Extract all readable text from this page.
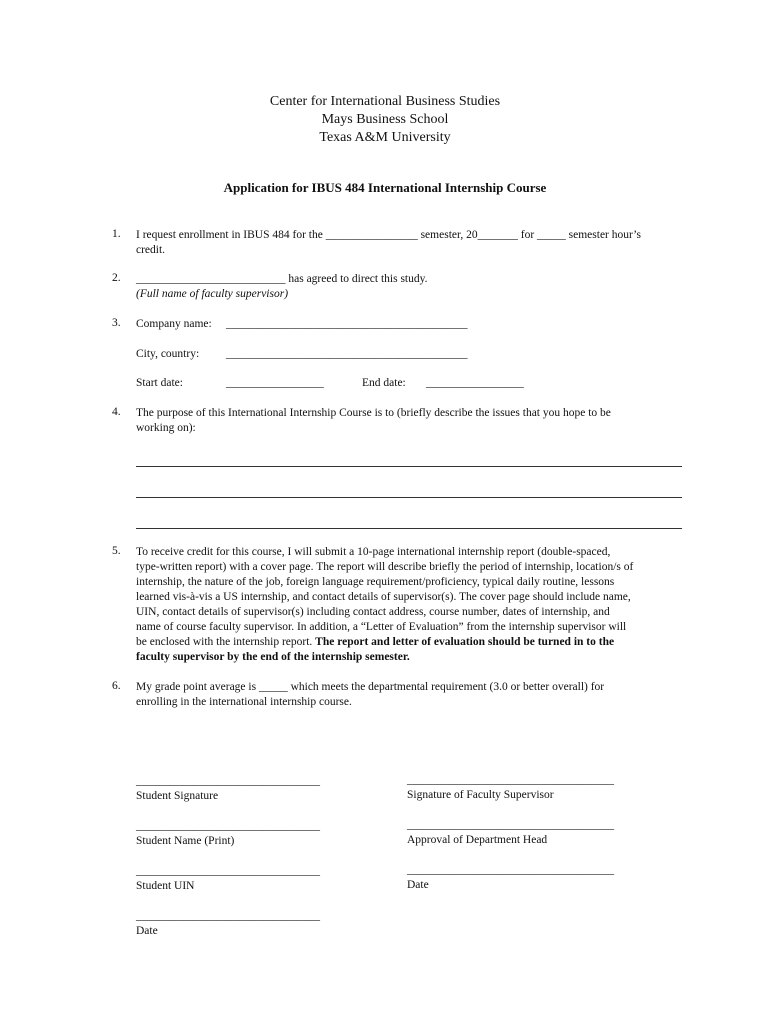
Center for International Business Studies
Mays Business School
Texas A&M University
Application for IBUS 484 International Internship Course
1. I request enrollment in IBUS 484 for the ________________ semester, 20_______ for _____ semester hour’s
credit.
2. __________________________ has agreed to direct this study.
(Full name of faculty supervisor)
3. Company name: __________________________________________
City, country: __________________________________________
Start date:	_________________	End date: _________________
4. The purpose of this International Internship Course is to (briefly describe the issues that you hope to be
working on):
5. To receive credit for this course, I will submit a 10-page international internship report (double-spaced,
type-written report) with a cover page. The report will describe briefly the period of internship, location/s of
internship, the nature of the job, foreign language requirement/proficiency, typical daily routine, lessons
learned vis-à-vis a US internship, and contact details of supervisor(s). The cover page should include name,
UIN, contact details of supervisor(s) including contact address, course number, dates of internship, and
name of course faculty supervisor. In addition, a “Letter of Evaluation” from the internship supervisor will
be enclosed with the internship report. The report and letter of evaluation should be turned in to the
faculty supervisor by the end of the internship semester.
6. My grade point average is _____ which meets the departmental requirement (3.0 or better overall) for
enrolling in the international internship course.
________________________________
Student Signature
____________________________________
Signature of Faculty Supervisor
________________________________
Student Name (Print)
____________________________________
Approval of Department Head
________________________________
Student UIN
____________________________________
Date
________________________________
Date
